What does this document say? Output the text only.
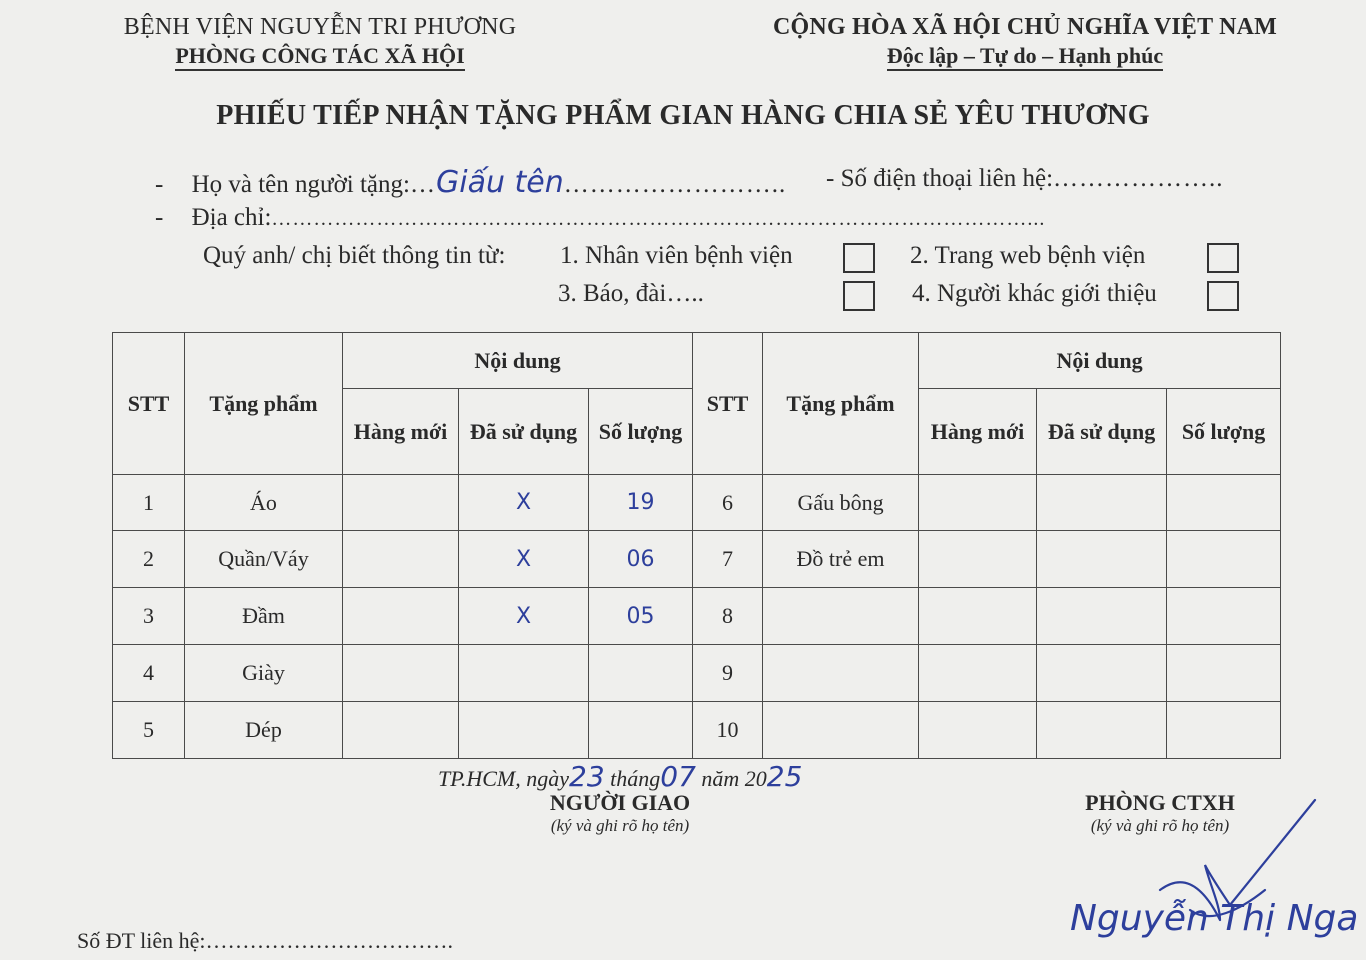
BỆNH VIỆN NGUYỄN TRI PHƯƠNG
PHÒNG CÔNG TÁC XÃ HỘI
CỘNG HÒA XÃ HỘI CHỦ NGHĨA VIỆT NAM
Độc lập – Tự do – Hạnh phúc
PHIẾU TIẾP NHẬN TẶNG PHẨM GIAN HÀNG CHIA SẺ YÊU THƯƠNG
- Họ và tên người tặng:…Giấu tên…………………….. - Số điện thoại liên hệ:………………..
- Địa chỉ:………………………………………………………………………………………………...
Quý anh/ chị biết thông tin từ: 1. Nhân viên bệnh viện	2. Trang web bệnh viện
3. Báo, đài…..	4. Người khác giới thiệu
STT	Tặng phẩm	Nội dung			STT	Tặng phẩm	Nội dung		
		Hàng mới	Đã sử dụng	Số lượng			Hàng mới	Đã sử dụng	Số lượng
1	Áo		X	19	6	Gấu bông			
2	Quần/Váy		X	06	7	Đồ trẻ em			
3	Đầm		X	05	8				
4	Giày				9				
5	Dép				10				
TP.HCM, ngày23 tháng07 năm 2025
NGƯỜI GIAO
(ký và ghi rõ họ tên)
PHÒNG CTXH
(ký và ghi rõ họ tên)
Nguyễn Thị Nga
Số ĐT liên hệ:…………………………….
